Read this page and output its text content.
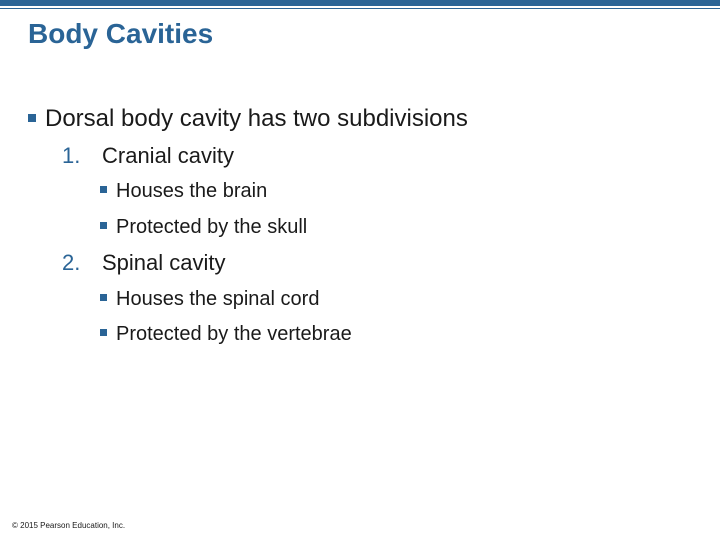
Body Cavities
Dorsal body cavity has two subdivisions
1. Cranial cavity
Houses the brain
Protected by the skull
2. Spinal cavity
Houses the spinal cord
Protected by the vertebrae
© 2015 Pearson Education, Inc.
